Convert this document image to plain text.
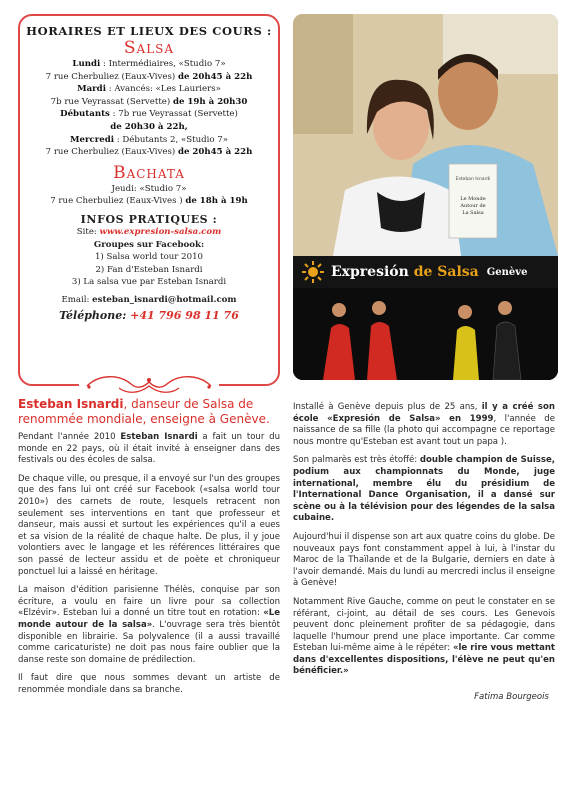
HORAIRES ET LIEUX DES COURS :
Salsa
Lundi : Intermédiaires, «Studio 7»
7 rue Cherbuliez (Eaux-Vives) de 20h45 à 22h
Mardi : Avancés: «Les Lauriers»
7b rue Veyrassat (Servette) de 19h à 20h30
Débutants : 7b rue Veyrassat (Servette)
de 20h30 à 22h,
Mercredi : Débutants 2, «Studio 7»
7 rue Cherbuliez (Eaux-Vives) de 20h45 à 22h
Bachata
Jeudi: «Studio 7»
7 rue Cherbuliez (Eaux-Vives ) de 18h à 19h
INFOS PRATIQUES :
Site: www.expresion-salsa.com
Groupes sur Facebook:
1) Salsa world tour 2010
2) Fan d'Esteban Isnardi
3) La salsa vue par Esteban Isnardi
Email: esteban_isnardi@hotmail.com
Téléphone: +41 796 98 11 76
Esteban Isnardi
Le Monde
Autour de
La Salsa
Expresión de Salsa Genève
Esteban Isnardi, danseur de Salsa de renommée mondiale, enseigne à Genève.

Pendant l'année 2010 Esteban Isnardi a fait un tour du monde en 22 pays, où il était invité à enseigner dans des festivals ou des écoles de salsa.

De chaque ville, ou presque, il a envoyé sur l'un des groupes que des fans lui ont créé sur Facebook («salsa world tour 2010») des carnets de route, lesquels retracent non seulement ses interventions en tant que professeur et danseur, mais aussi et surtout les expériences qu'il a eues et sa vision de la réalité de chaque halte. De plus, il y joue volontiers avec le langage et les références littéraires que son passé de lecteur assidu et de poète et chroniqueur ponctuel lui a laissé en héritage.

La maison d'édition parisienne Thélès, conquise par son écriture, a voulu en faire un livre pour sa collection «Elzévir». Esteban lui a donné un titre tout en rotation: «Le monde autour de la salsa». L'ouvrage sera très bientôt disponible en librairie. Sa polyvalence (il a aussi travaillé comme caricaturiste) ne doit pas nous faire oublier que la danse reste son domaine de prédilection.

Il faut dire que nous sommes devant un artiste de renommée mondiale dans sa branche.

Installé à Genève depuis plus de 25 ans, il y a créé son école «Expresión de Salsa» en 1999, l'année de naissance de sa fille (la photo qui accompagne ce reportage nous montre qu'Esteban est avant tout un papa ).

Son palmarès est très étoffé: double champion de Suisse, podium aux championnats du Monde, juge international, membre élu du présidium de l'International Dance Organisation, il a dansé sur scène ou à la télévision pour des légendes de la salsa cubaine.

Aujourd'hui il dispense son art aux quatre coins du globe. De nouveaux pays font constamment appel à lui, à l'instar du Maroc de la Thaïlande et de la Bulgarie, derniers en date à l'avoir demandé. Mais du lundi au mercredi inclus il enseigne à Genève!

Notamment Rive Gauche, comme on peut le constater en se référant, ci-joint, au détail de ses cours. Les Genevois peuvent donc pleinement profiter de sa pédagogie, dans laquelle l'humour prend une place importante. Car comme Esteban lui-même aime à le répéter: «le rire vous mettant dans d'excellentes dispositions, l'élève ne peut qu'en bénéficier.»

Fatima Bourgeois
